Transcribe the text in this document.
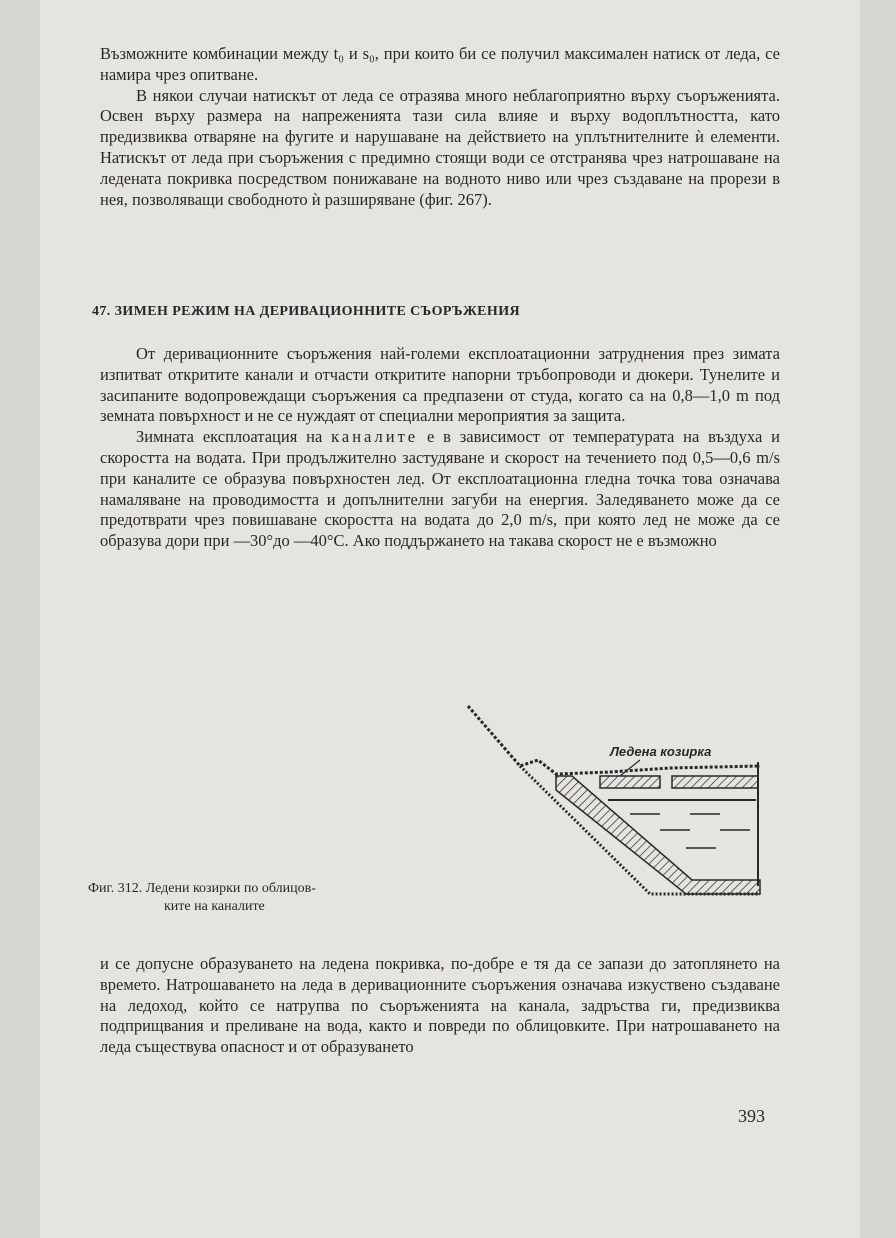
Възможните комбинации между t₀ и s₀, при които би се получил максимален натиск от леда, се намира чрез опитване.

В някои случаи натискът от леда се отразява много неблагоприятно върху съоръженията. Освен върху размера на напреженията тази сила влияе и върху водоплътността, като предизвиква отваряне на фугите и нарушаване на действието на уплътнителните ѝ елементи. Натискът от леда при съоръжения с предимно стоящи води се отстранява чрез натрошаване на ледената покривка посредством понижаване на водното ниво или чрез създаване на прорези в нея, позволяващи свободното ѝ разширяване (фиг. 267).

47. ЗИМЕН РЕЖИМ НА ДЕРИВАЦИОННИТЕ СЪОРЪЖЕНИЯ

От деривационните съоръжения най-големи експлоатационни затруднения през зимата изпитват откритите канали и отчасти откритите напорни тръбопроводи и дюкери. Тунелите и засипаните водопровеждащи съоръжения са предпазени от студа, когато са на 0,8—1,0 m под земната повърхност и не се нуждаят от специални мероприятия за защита.

Зимната експлоатация на каналите е в зависимост от температурата на въздуха и скоростта на водата. При продължително застудяване и скорост на течението под 0,5—0,6 m/s при каналите се образува повърхностен лед. От експлоатационна гледна точка това означава намаляване на проводимостта и допълнителни загуби на енергия. Заледяването може да се предотврати чрез повишаване скоростта на водата до 2,0 m/s, при която лед не може да се образува дори при —30°до —40°С. Ако поддържането на такава скорост не е възможно

Ледена козирка
Фиг. 312. Ледени козирки по облицов-
ките на каналите

и се допусне образуването на ледена покривка, по-добре е тя да се запази до затоплянето на времето. Натрошаването на леда в деривационните съоръжения означава изкуствено създаване на ледоход, който се натрупва по съоръженията на канала, задръства ги, предизвиква подприщвания и преливане на вода, както и повреди по облицовките. При натрошаването на леда съществува опасност и от образуването

393
